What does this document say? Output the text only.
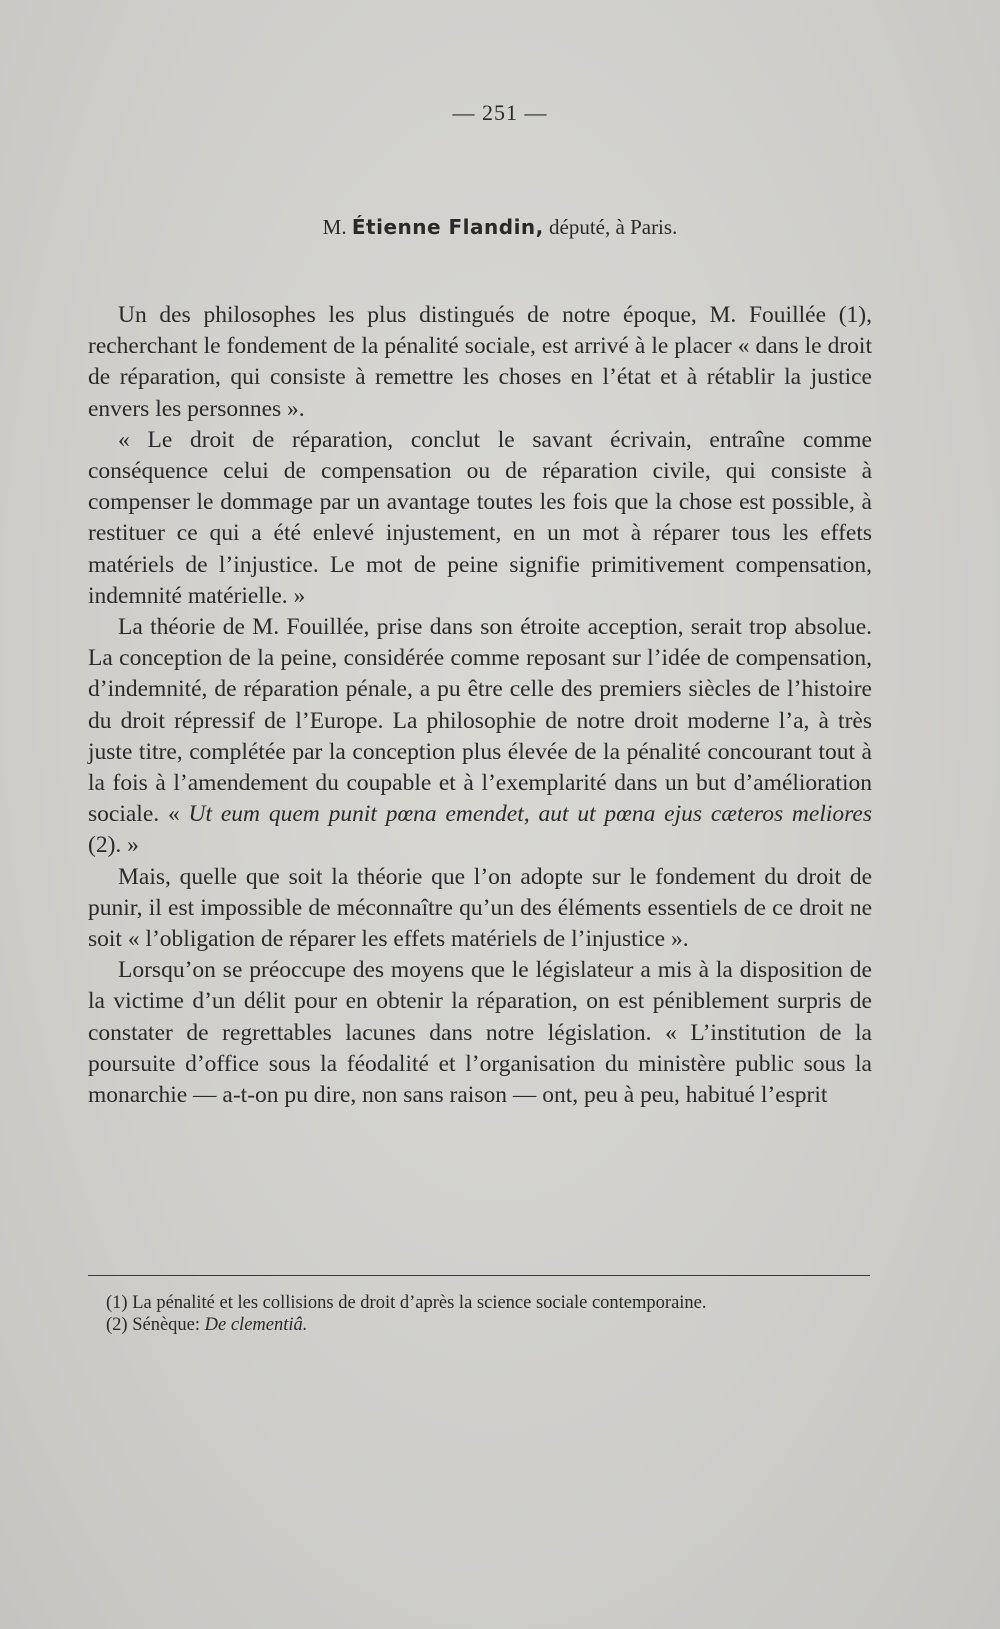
— 251 —
M. Étienne Flandin, député, à Paris.

Un des philosophes les plus distingués de notre époque, M. Fouillée (1), recherchant le fondement de la pénalité sociale, est arrivé à le placer « dans le droit de réparation, qui consiste à remettre les choses en l’état et à rétablir la justice envers les personnes ».

« Le droit de réparation, conclut le savant écrivain, entraîne comme conséquence celui de compensation ou de réparation civile, qui consiste à compenser le dommage par un avantage toutes les fois que la chose est possible, à restituer ce qui a été enlevé injustement, en un mot à réparer tous les effets matériels de l’injustice. Le mot de peine signifie primitivement compensation, indemnité matérielle. »

La théorie de M. Fouillée, prise dans son étroite acception, serait trop absolue. La conception de la peine, considérée comme reposant sur l’idée de compensation, d’indemnité, de réparation pénale, a pu être celle des premiers siècles de l’histoire du droit répressif de l’Europe. La philosophie de notre droit moderne l’a, à très juste titre, complétée par la conception plus élevée de la pénalité concourant tout à la fois à l’amendement du coupable et à l’exemplarité dans un but d’amélioration sociale. « Ut eum quem punit pœna emendet, aut ut pœna ejus cæteros meliores (2). »

Mais, quelle que soit la théorie que l’on adopte sur le fondement du droit de punir, il est impossible de méconnaître qu’un des éléments essentiels de ce droit ne soit « l’obligation de réparer les effets matériels de l’injustice ».

Lorsqu’on se préoccupe des moyens que le législateur a mis à la disposition de la victime d’un délit pour en obtenir la réparation, on est péniblement surpris de constater de regrettables lacunes dans notre législation. « L’institution de la poursuite d’office sous la féodalité et l’organisation du ministère public sous la monarchie — a-t-on pu dire, non sans raison — ont, peu à peu, habitué l’esprit

(1) La pénalité et les collisions de droit d’après la science sociale contemporaine.

(2) Sénèque: De clementiâ.
